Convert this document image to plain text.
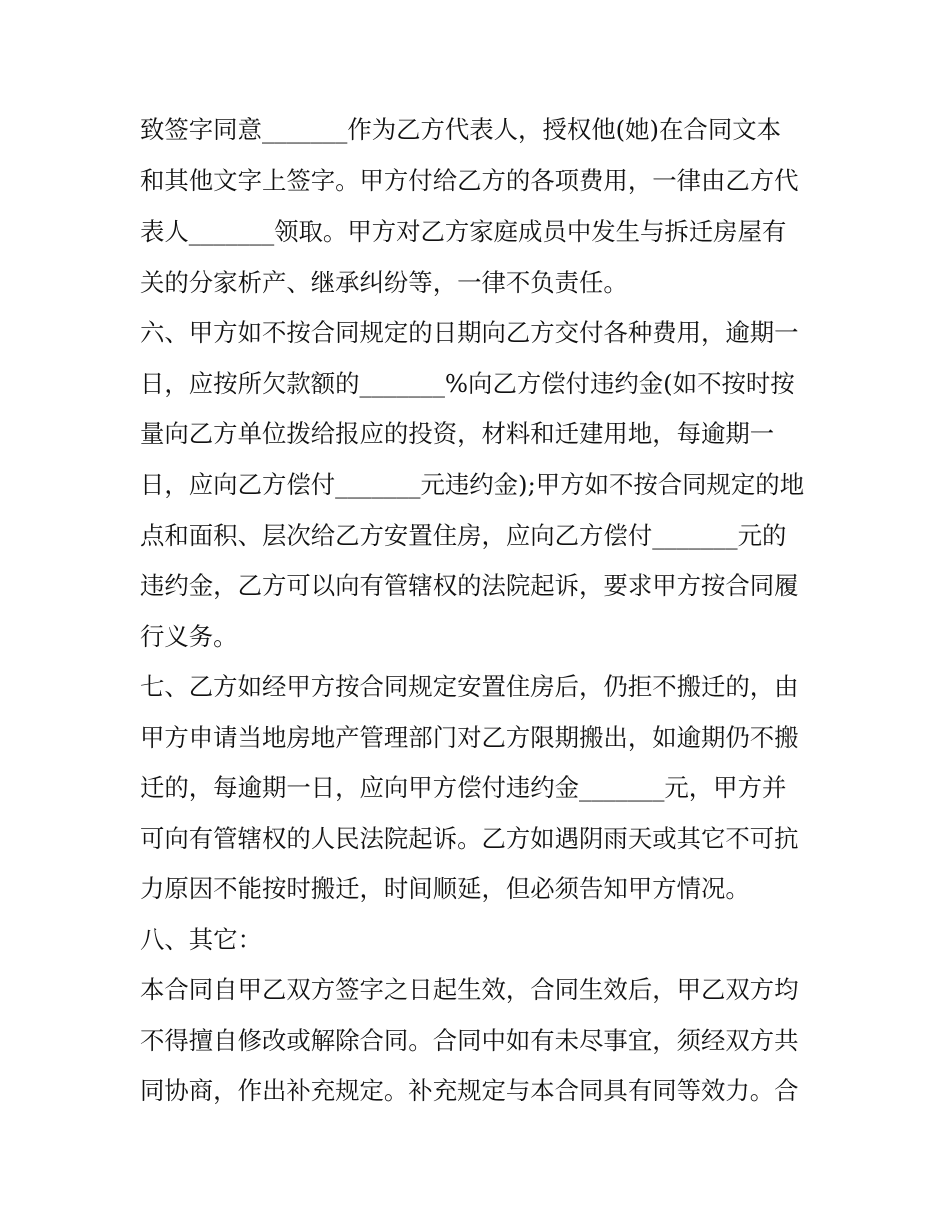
致签字同意_______作为乙方代表人，授权他(她)在合同文本
和其他文字上签字。甲方付给乙方的各项费用，一律由乙方代
表人_______领取。甲方对乙方家庭成员中发生与拆迁房屋有
关的分家析产、继承纠纷等，一律不负责任。
六、甲方如不按合同规定的日期向乙方交付各种费用，逾期一
日，应按所欠款额的_______%向乙方偿付违约金(如不按时按
量向乙方单位拨给报应的投资，材料和迁建用地，每逾期一
日，应向乙方偿付_______元违约金);甲方如不按合同规定的地
点和面积、层次给乙方安置住房，应向乙方偿付_______元的
违约金，乙方可以向有管辖权的法院起诉，要求甲方按合同履
行义务。
七、乙方如经甲方按合同规定安置住房后，仍拒不搬迁的，由
甲方申请当地房地产管理部门对乙方限期搬出，如逾期仍不搬
迁的，每逾期一日，应向甲方偿付违约金_______元，甲方并
可向有管辖权的人民法院起诉。乙方如遇阴雨天或其它不可抗
力原因不能按时搬迁，时间顺延，但必须告知甲方情况。
八、其它：
本合同自甲乙双方签字之日起生效，合同生效后，甲乙双方均
不得擅自修改或解除合同。合同中如有未尽事宜，须经双方共
同协商，作出补充规定。补充规定与本合同具有同等效力。合
